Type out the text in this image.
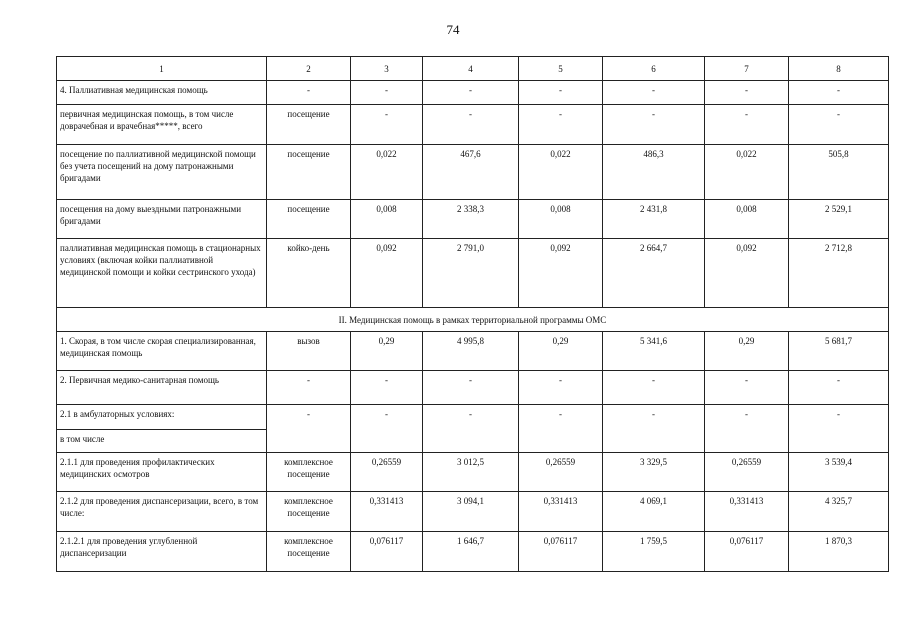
74
1	2	3	4	5	6	7	8
4. Паллиативная медицинская помощь	-	-	-	-	-	-	-
первичная медицинская помощь, в том числе доврачебная и врачебная*****, всего	посещение	-	-	-	-	-	-
посещение по паллиативной медицинской помощи без учета посещений на дому патронажными бригадами	посещение	0,022	467,6	0,022	486,3	0,022	505,8
посещения на дому выездными патронажными бригадами	посещение	0,008	2 338,3	0,008	2 431,8	0,008	2 529,1
паллиативная медицинская помощь в стационарных условиях (включая койки паллиативной медицинской помощи и койки сестринского ухода)	койко-день	0,092	2 791,0	0,092	2 664,7	0,092	2 712,8
II. Медицинская помощь в рамках территориальной программы ОМС							
1. Скорая, в том числе скорая специализированная, медицинская помощь	вызов	0,29	4 995,8	0,29	5 341,6	0,29	5 681,7
2. Первичная медико-санитарная помощь	-	-	-	-	-	-	-
2.1 в амбулаторных условиях:	-	-	-	-	-	-	-
в том числе							
2.1.1 для проведения профилактических медицинских осмотров	комплексное посещение	0,26559	3 012,5	0,26559	3 329,5	0,26559	3 539,4
2.1.2 для проведения диспансеризации, всего, в том числе:	комплексное посещение	0,331413	3 094,1	0,331413	4 069,1	0,331413	4 325,7
2.1.2.1 для проведения углубленной диспансеризации	комплексное посещение	0,076117	1 646,7	0,076117	1 759,5	0,076117	1 870,3
